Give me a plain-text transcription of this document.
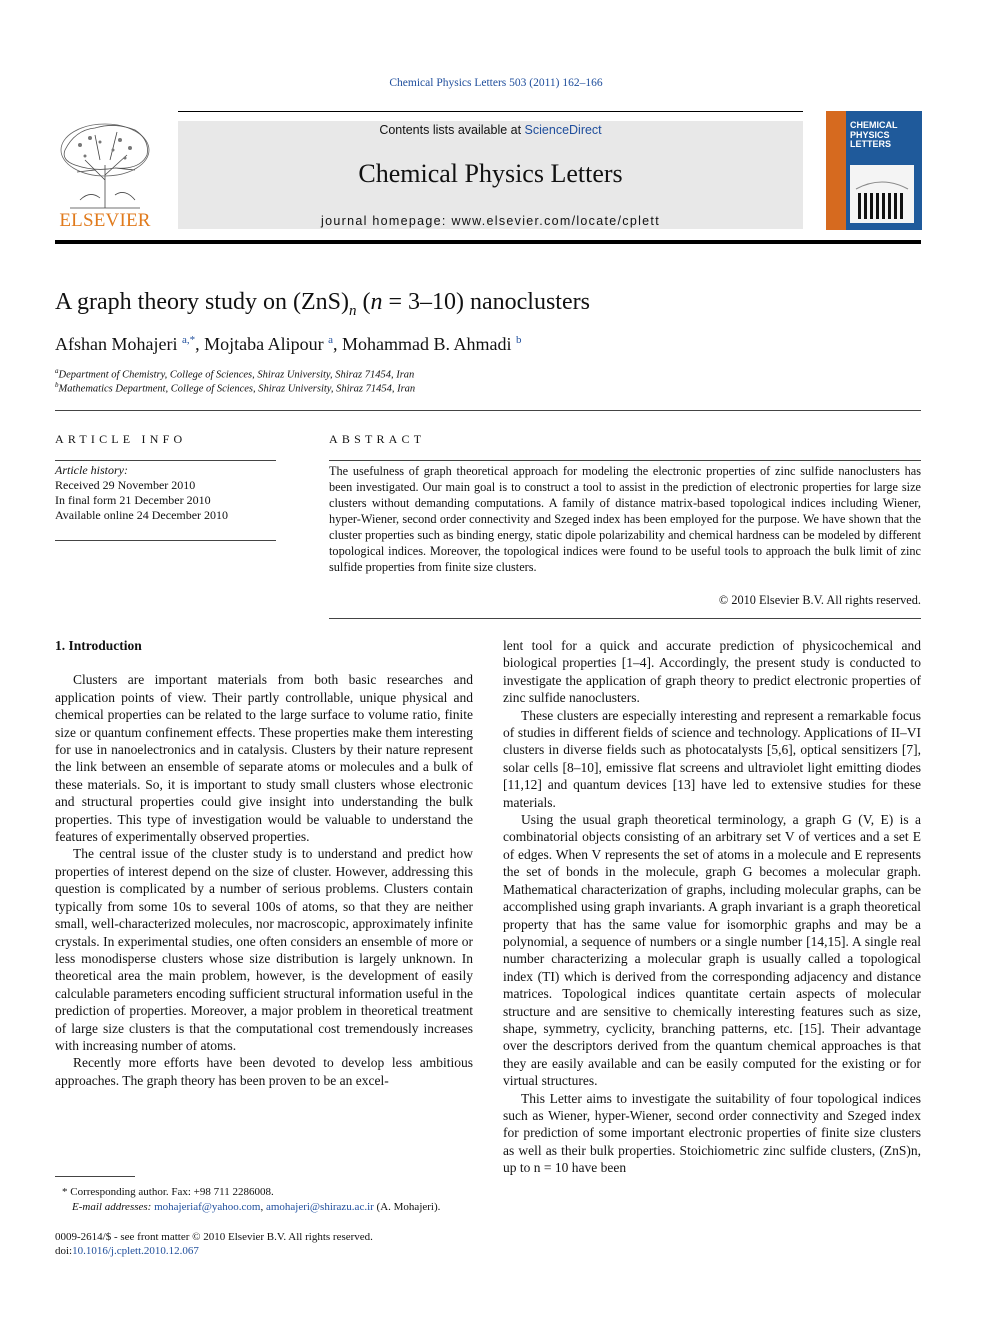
Chemical Physics Letters 503 (2011) 162–166
ELSEVIER
Contents lists available at ScienceDirect
Chemical Physics Letters
journal homepage: www.elsevier.com/locate/cplett
CHEMICAL
PHYSICS
LETTERS
A graph theory study on $(ZnS)_n$ (n = 3–10) nanoclusters
Afshan Mohajeri $^{a,*}$, Mojtaba Alipour $^a$, Mohammad B. Ahmadi $^b$
$^a$Department of Chemistry, College of Sciences, Shiraz University, Shiraz 71454, Iran
$^b$Mathematics Department, College of Sciences, Shiraz University, Shiraz 71454, Iran
ARTICLE INFO
Article history:
Received 29 November 2010
In final form 21 December 2010
Available online 24 December 2010
ABSTRACT
The usefulness of graph theoretical approach for modeling the electronic properties of zinc sulfide nanoclusters has been investigated. Our main goal is to construct a tool to assist in the prediction of electronic properties for large size clusters without demanding computations. A family of distance matrix-based topological indices including Wiener, hyper-Wiener, second order connectivity and Szeged index has been employed for the purpose. We have shown that the cluster properties such as binding energy, static dipole polarizability and chemical hardness can be modeled by different topological indices. Moreover, the topological indices were found to be useful tools to approach the bulk limit of zinc sulfide properties from finite size clusters.
© 2010 Elsevier B.V. All rights reserved.
1. Introduction

Clusters are important materials from both basic researches and application points of view. Their partly controllable, unique physical and chemical properties can be related to the large surface to volume ratio, finite size or quantum confinement effects. These properties make them interesting for use in nanoelectronics and in catalysis. Clusters by their nature represent the link between an ensemble of separate atoms or molecules and a bulk of these materials. So, it is important to study small clusters whose electronic and structural properties could give insight into understanding the bulk properties. This type of investigation would be valuable to understand the features of experimentally observed properties.

The central issue of the cluster study is to understand and predict how properties of interest depend on the size of cluster. However, addressing this question is complicated by a number of serious problems. Clusters contain typically from some 10s to several 100s of atoms, so that they are neither small, well-characterized molecules, nor macroscopic, approximately infinite crystals. In experimental studies, one often considers an ensemble of more or less monodisperse clusters whose size distribution is largely unknown. In theoretical area the main problem, however, is the development of easily calculable parameters encoding sufficient structural information useful in the prediction of properties. Moreover, a major problem in theoretical treatment of large size clusters is that the computational cost tremendously increases with increasing number of atoms.

Recently more efforts have been devoted to develop less ambitious approaches. The graph theory has been proven to be an excel-

lent tool for a quick and accurate prediction of physicochemical and biological properties [1–4]. Accordingly, the present study is conducted to investigate the application of graph theory to predict electronic properties of zinc sulfide nanoclusters.

These clusters are especially interesting and represent a remarkable focus of studies in different fields of science and technology. Applications of II–VI clusters in diverse fields such as photocatalysts [5,6], optical sensitizers [7], solar cells [8–10], emissive flat screens and ultraviolet light emitting diodes [11,12] and quantum devices [13] have led to extensive studies for these materials.

Using the usual graph theoretical terminology, a graph G (V, E) is a combinatorial objects consisting of an arbitrary set V of vertices and a set E of edges. When V represents the set of atoms in a molecule and E represents the set of bonds in the molecule, graph G becomes a molecular graph. Mathematical characterization of graphs, including molecular graphs, can be accomplished using graph invariants. A graph invariant is a graph theoretical property that has the same value for isomorphic graphs and may be a polynomial, a sequence of numbers or a single number [14,15]. A single real number characterizing a molecular graph is usually called a topological index (TI) which is derived from the corresponding adjacency and distance matrices. Topological indices quantitate certain aspects of molecular structure and are sensitive to chemically interesting features such as size, shape, symmetry, cyclicity, branching patterns, etc. [15]. Their advantage over the descriptors derived from the quantum chemical approaches is that they are easily available and can be easily computed for the existing or for virtual structures.

This Letter aims to investigate the suitability of four topological indices such as Wiener, hyper-Wiener, second order connectivity and Szeged index for prediction of some important electronic properties of finite size clusters as well as their bulk properties. Stoichiometric zinc sulfide clusters, (ZnS)n, up to n = 10 have been

* Corresponding author. Fax: +98 711 2286008.
E-mail addresses: mohajeriaf@yahoo.com, amohajeri@shirazu.ac.ir (A. Mohajeri).
0009-2614/$ - see front matter © 2010 Elsevier B.V. All rights reserved.
doi:10.1016/j.cplett.2010.12.067
